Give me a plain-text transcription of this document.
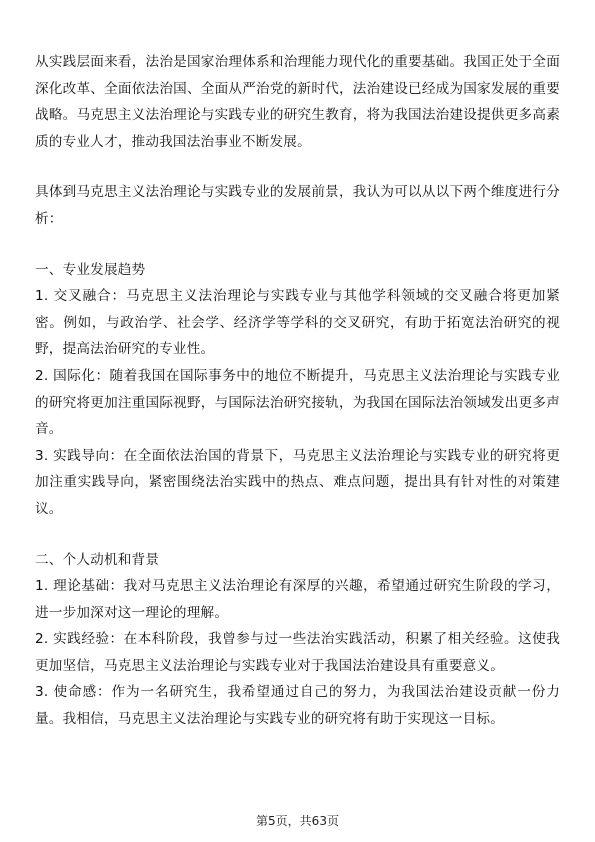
从实践层面来看，法治是国家治理体系和治理能力现代化的重要基础。我国正处于全面深化改革、全面依法治国、全面从严治党的新时代，法治建设已经成为国家发展的重要战略。马克思主义法治理论与实践专业的研究生教育，将为我国法治建设提供更多高素质的专业人才，推动我国法治事业不断发展。

具体到马克思主义法治理论与实践专业的发展前景，我认为可以从以下两个维度进行分析：

一、专业发展趋势

1. 交叉融合：马克思主义法治理论与实践专业与其他学科领域的交叉融合将更加紧密。例如，与政治学、社会学、经济学等学科的交叉研究，有助于拓宽法治研究的视野，提高法治研究的专业性。

2. 国际化：随着我国在国际事务中的地位不断提升，马克思主义法治理论与实践专业的研究将更加注重国际视野，与国际法治研究接轨，为我国在国际法治领域发出更多声音。

3. 实践导向：在全面依法治国的背景下，马克思主义法治理论与实践专业的研究将更加注重实践导向，紧密围绕法治实践中的热点、难点问题，提出具有针对性的对策建议。

二、个人动机和背景

1. 理论基础：我对马克思主义法治理论有深厚的兴趣，希望通过研究生阶段的学习，进一步加深对这一理论的理解。

2. 实践经验：在本科阶段，我曾参与过一些法治实践活动，积累了相关经验。这使我更加坚信，马克思主义法治理论与实践专业对于我国法治建设具有重要意义。

3. 使命感：作为一名研究生，我希望通过自己的努力，为我国法治建设贡献一份力量。我相信，马克思主义法治理论与实践专业的研究将有助于实现这一目标。

第5页，共63页
